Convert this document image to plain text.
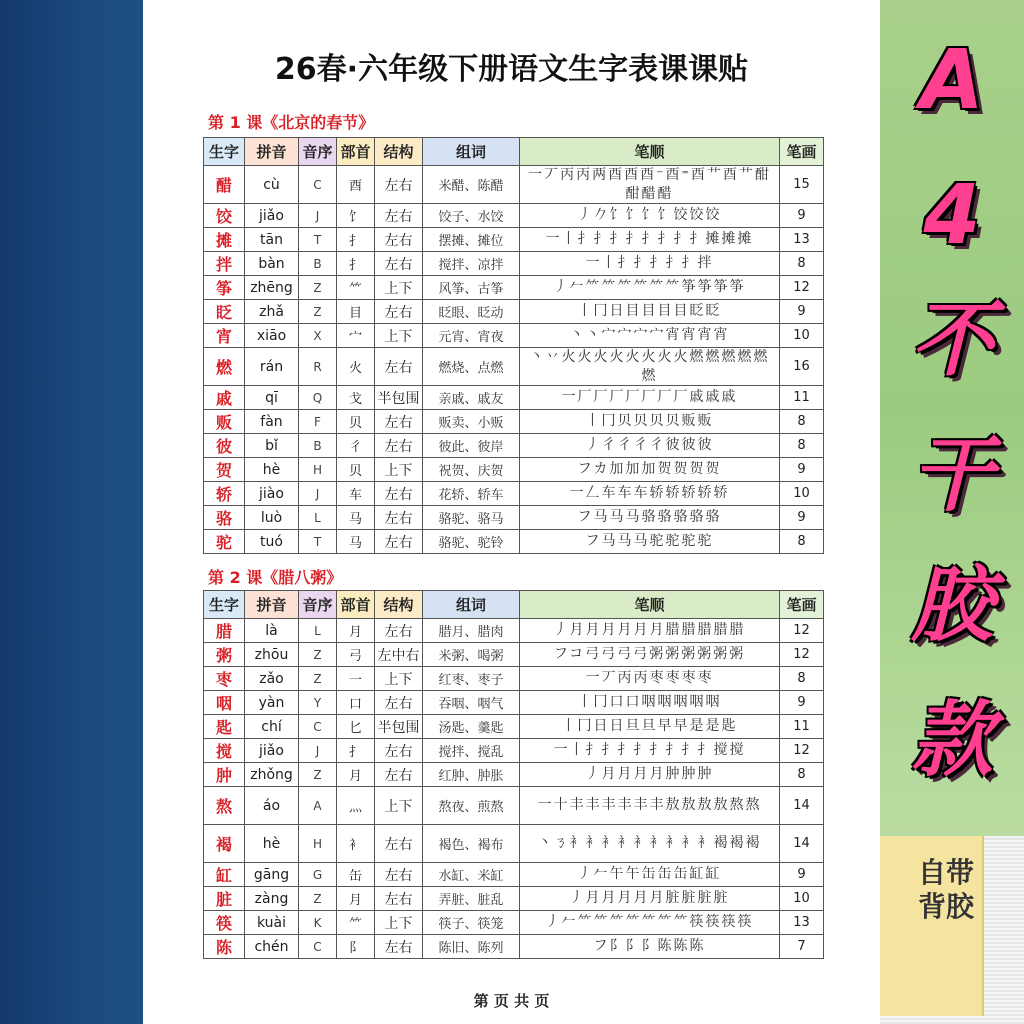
A
4
不
干
胶
款
自带
背胶
26春·六年级下册语文生字表课课贴
第 1 课《北京的春节》
生字	拼音	音序	部首	结构	组词	笔顺	笔画
醋	cù	C	酉	左右	米醋、陈醋	一丆丙丙两酉酉酉⁻酉⁼酉艹酉艹酣酣醋醋	15
饺	jiǎo	J	饣	左右	饺子、水饺	丿𠂊饣饣饣饣饺饺饺	9
摊	tān	T	扌	左右	摆摊、摊位	一丨扌扌扌扌扌扌扌扌摊摊摊	13
拌	bàn	B	扌	左右	搅拌、凉拌	一丨扌扌扌扌扌拌	8
筝	zhēng	Z	⺮	上下	风筝、古筝	丿𠂉⺮⺮⺮⺮⺮⺮筝筝筝筝	12
眨	zhǎ	Z	目	左右	眨眼、眨动	丨冂日目目目目眨眨	9
宵	xiāo	X	宀	上下	元宵、宵夜	丶丶宀宀宀宀宵宵宵宵	10
燃	rán	R	火	左右	燃烧、点燃	丶丷火火火火火火火火燃燃燃燃燃燃	16
戚	qī	Q	戈	半包围	亲戚、戚友	一厂厂厂厂厂厂厂戚戚戚	11
贩	fàn	F	贝	左右	贩卖、小贩	丨冂贝贝贝贝贩贩	8
彼	bǐ	B	彳	左右	彼此、彼岸	丿彳彳彳彳彼彼彼	8
贺	hè	H	贝	上下	祝贺、庆贺	フカ加加加贺贺贺贺	9
轿	jiào	J	车	左右	花轿、轿车	一𠃋车车车轿轿轿轿轿	10
骆	luò	L	马	左右	骆驼、骆马	フ马马马骆骆骆骆骆	9
驼	tuó	T	马	左右	骆驼、驼铃	フ马马马驼驼驼驼	8
第 2 课《腊八粥》
生字	拼音	音序	部首	结构	组词	笔顺	笔画
腊	là	L	月	左右	腊月、腊肉	丿月月月月月月腊腊腊腊腊	12
粥	zhōu	Z	弓	左中右	米粥、喝粥	フコ弓弓弓弓粥粥粥粥粥粥	12
枣	zǎo	Z	一	上下	红枣、枣子	一丆丙丙枣枣枣枣	8
咽	yàn	Y	口	左右	吞咽、咽气	丨冂口口咽咽咽咽咽	9
匙	chí	C	匕	半包围	汤匙、羹匙	丨冂日日旦旦早早是是匙	11
搅	jiǎo	J	扌	左右	搅拌、搅乱	一丨扌扌扌扌扌扌扌扌搅搅	12
肿	zhǒng	Z	月	左右	红肿、肿胀	丿月月月月肿肿肿	8
熬	áo	A	灬	上下	熬夜、煎熬	一十丰丰丰丰丰丰敖敖敖敖熬熬	14
褐	hè	H	衤	左右	褐色、褐布	丶ㄋ衤衤衤衤衤衤衤衤衤褐褐褐	14
缸	gāng	G	缶	左右	水缸、米缸	丿𠂉午午缶缶缶缸缸	9
脏	zàng	Z	月	左右	弄脏、脏乱	丿月月月月月脏脏脏脏	10
筷	kuài	K	⺮	上下	筷子、筷笼	丿𠂉⺮⺮⺮⺮⺮⺮⺮筷筷筷筷	13
陈	chén	C	阝	左右	陈旧、陈列	フ阝阝阝陈陈陈	7
第 页 共 页
